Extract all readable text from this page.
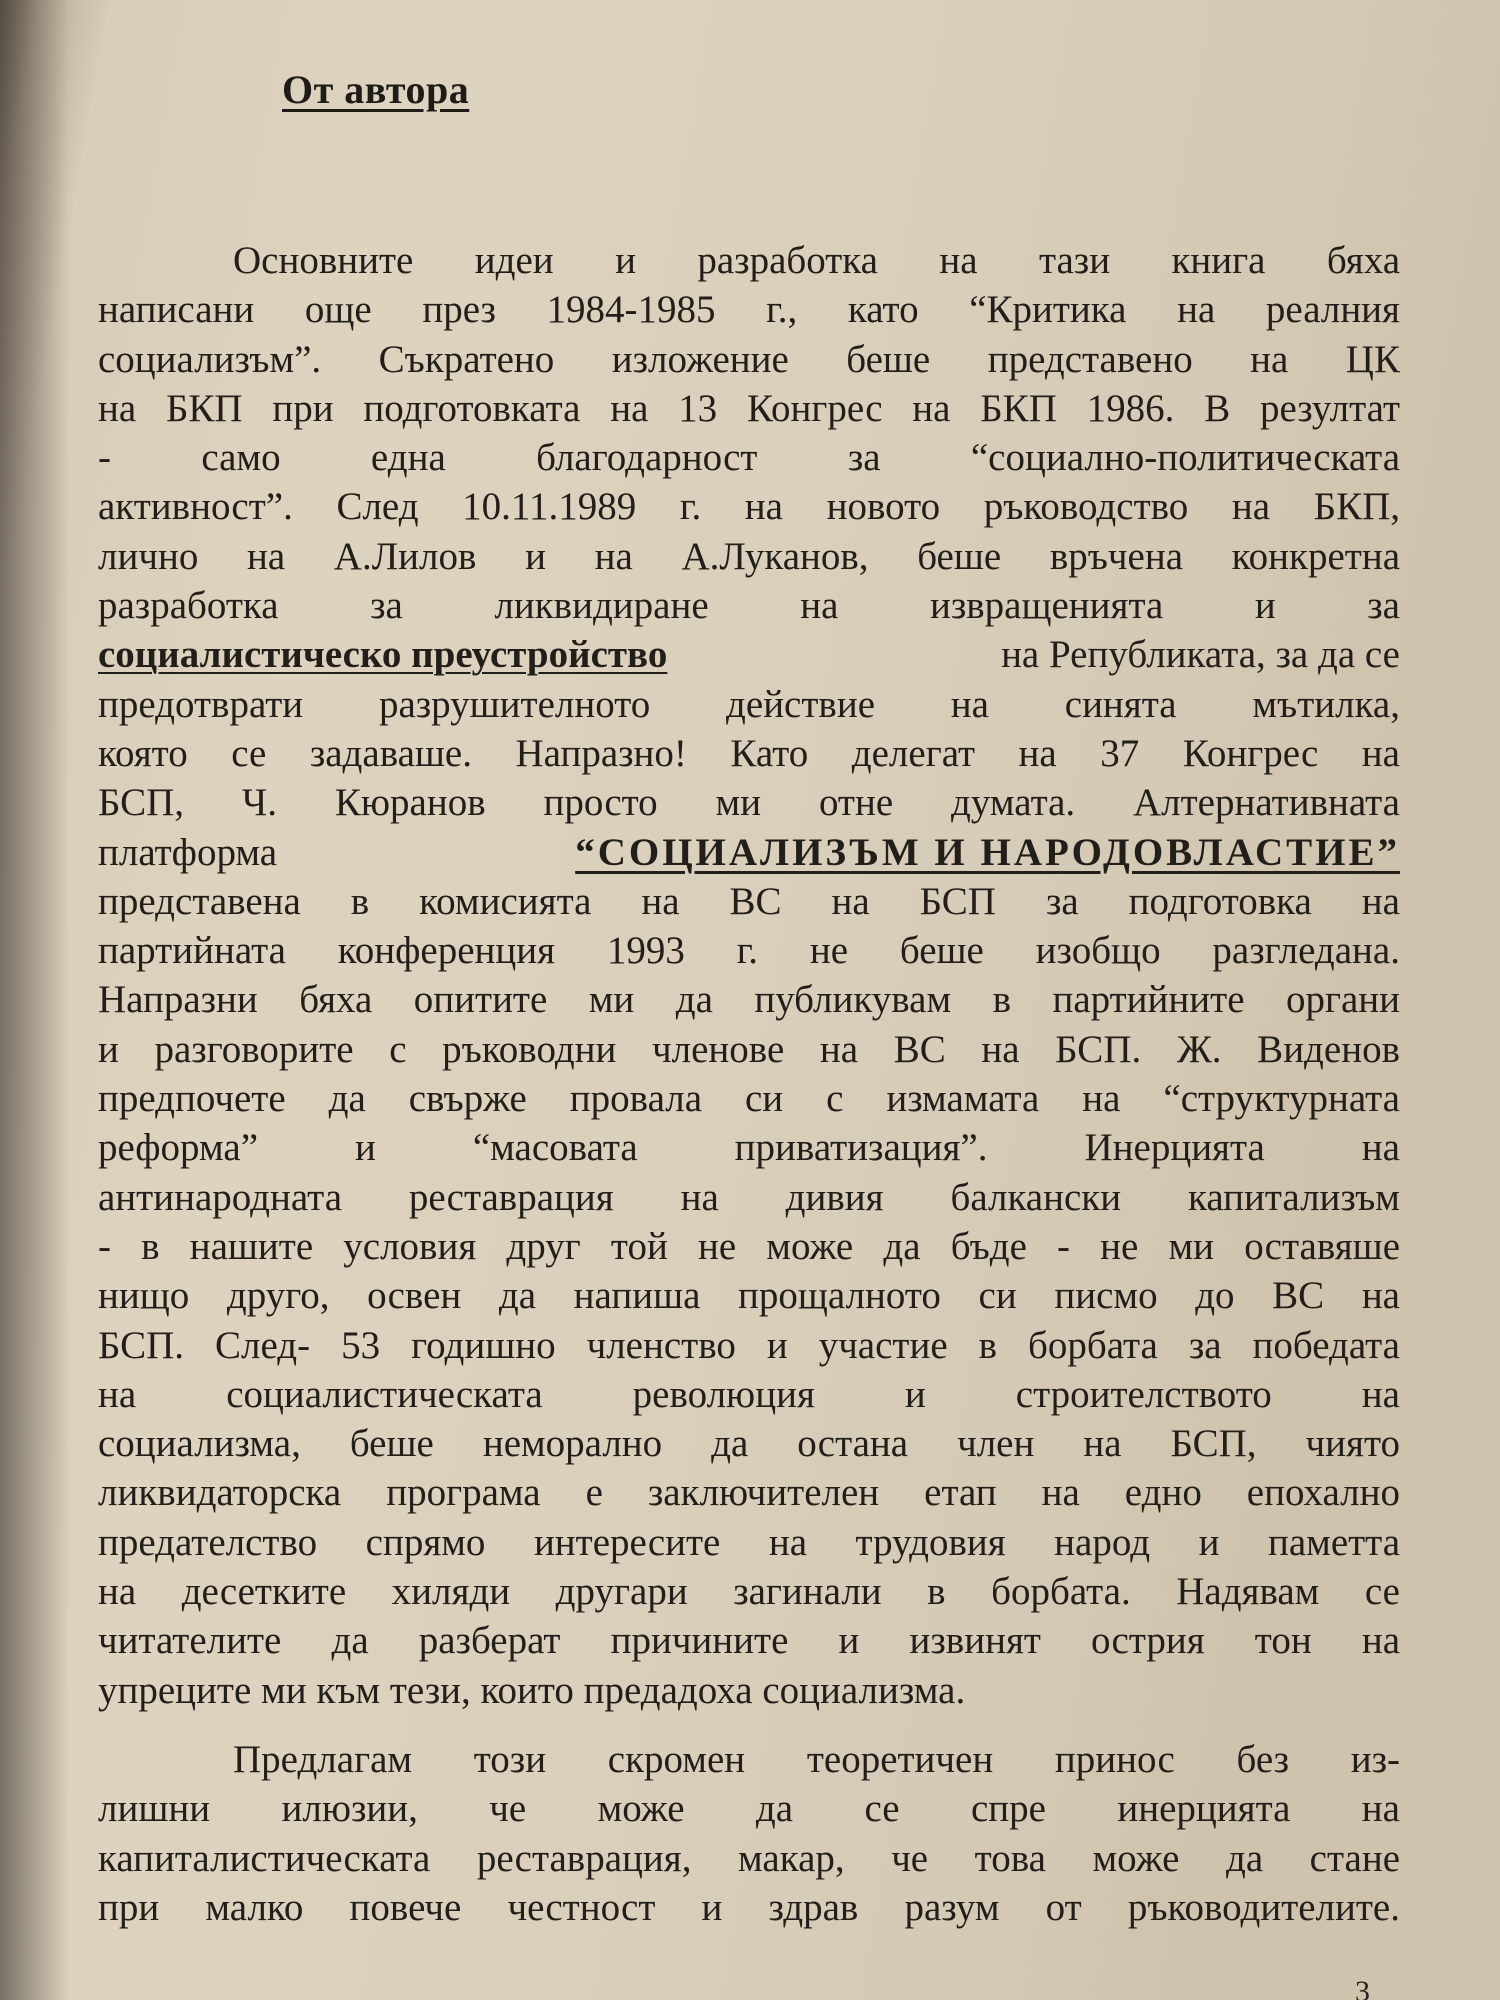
От автора
Основните идеи и разработка на тази книга бяха
написани още през 1984-1985 г., като “Критика на реалния
социализъм”. Съкратено изложение беше представено на ЦК
на БКП при подготовката на 13 Конгрес на БКП 1986. В резултат
- само една благодарност за “социално-политическата
активност”. След 10.11.1989 г. на новото ръководство на БКП,
лично на А.Лилов и на А.Луканов, беше връчена конкретна
разработка за ликвидиране на извращенията и за
социалистическо преустройство	на Републиката, за да се
предотврати разрушителното действие на синята мътилка,
която се задаваше. Напразно! Като делегат на 37 Конгрес на
БСП, Ч. Кюранов просто ми отне думата. Алтернативната
платформа	“СОЦИАЛИЗЪМ И НАРОДОВЛАСТИЕ”
представена в комисията на ВС на БСП за подготовка на
партийната конференция 1993 г. не беше изобщо разгледана.
Напразни бяха опитите ми да публикувам в партийните органи
и разговорите с ръководни членове на ВС на БСП. Ж. Виденов
предпочете да свърже провала си с измамата на “структурната
реформа” и “масовата приватизация”. Инерцията на
антинародната реставрация на дивия балкански капитализъм
- в нашите условия друг той не може да бъде - не ми оставяше
нищо друго, освен да напиша прощалното си писмо до ВС на
БСП. След- 53 годишно членство и участие в борбата за победата
на социалистическата революция и строителството на
социализма, беше неморално да остана член на БСП, чиято
ликвидаторска програма е заключителен етап на едно епохално
предателство спрямо интересите на трудовия народ и паметта
на десетките хиляди другари загинали в борбата. Надявам се
читателите да разберат причините и извинят острия тон на
упреците ми към тези, които предадоха социализма.
Предлагам този скромен теоретичен принос без из-
лишни илюзии, че може да се спре инерцията на
капиталистическата реставрация, макар, че това може да стане
при малко повече честност и здрав разум от ръководителите.
3
